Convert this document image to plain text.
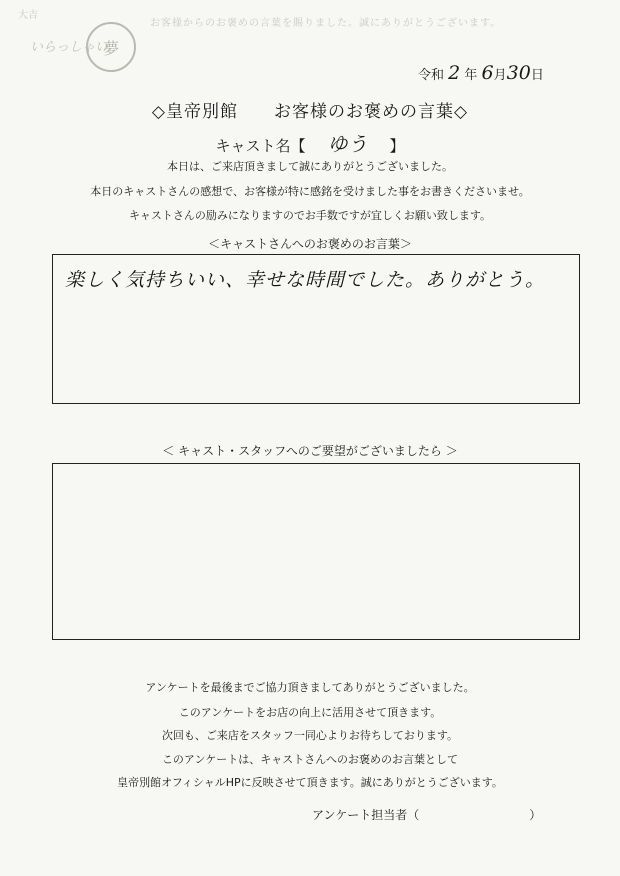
お客様からのお褒めの言葉を賜りました。誠にありがとうございます。
大吉
夢
いらっしゃい
令和 2 年 6月30日
◇皇帝別館　　お客様のお褒めの言葉◇
キャスト名【 ゆう 】
本日は、ご来店頂きまして誠にありがとうございました。
本日のキャストさんの感想で、お客様が特に感銘を受けました事をお書きくださいませ。
キャストさんの励みになりますのでお手数ですが宜しくお願い致します。
＜キャストさんへのお褒めのお言葉＞
楽しく気持ちいい、幸せな時間でした。ありがとう。
＜ キャスト・スタッフへのご要望がございましたら ＞
アンケートを最後までご協力頂きましてありがとうございました。
このアンケートをお店の向上に活用させて頂きます。
次回も、ご来店をスタッフ一同心よりお待ちしております。
このアンケートは、キャストさんへのお褒めのお言葉として
皇帝別館オフィシャルHPに反映させて頂きます。誠にありがとうございます。
アンケート担当者（	）
